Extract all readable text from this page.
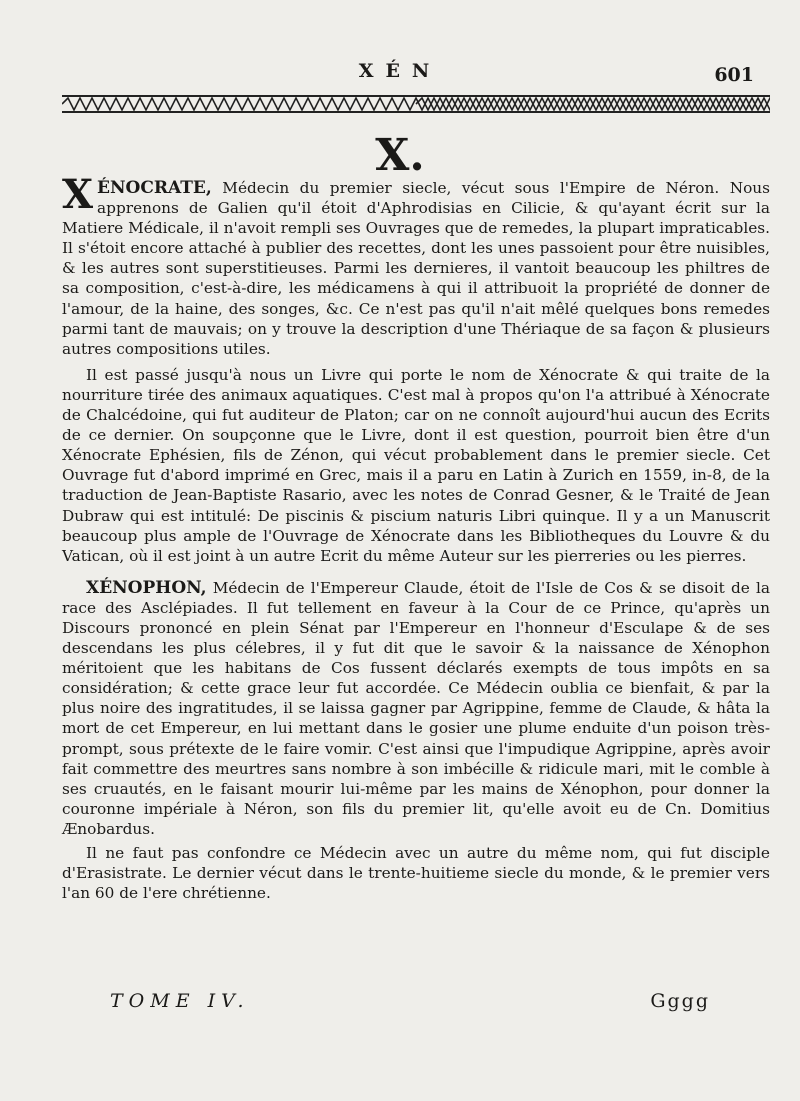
XÉN	601
X.

XÉNOCRATE, Médecin du premier siecle, vécut sous l'Empire de Néron. Nous apprenons de Galien qu'il étoit d'Aphrodisias en Cilicie, & qu'ayant écrit sur la Matiere Médicale, il n'avoit rempli ses Ouvrages que de remedes, la plupart impraticables. Il s'étoit encore attaché à publier des recettes, dont les unes passoient pour être nuisibles, & les autres sont superstitieuses. Parmi les dernieres, il vantoit beaucoup les philtres de sa composition, c'est-à-dire, les médicamens à qui il attribuoit la propriété de donner de l'amour, de la haine, des songes, &c. Ce n'est pas qu'il n'ait mêlé quelques bons remedes parmi tant de mauvais; on y trouve la description d'une Thériaque de sa façon & plusieurs autres compositions utiles.

Il est passé jusqu'à nous un Livre qui porte le nom de Xénocrate & qui traite de la nourriture tirée des animaux aquatiques. C'est mal à propos qu'on l'a attribué à Xénocrate de Chalcédoine, qui fut auditeur de Platon; car on ne connoît aujourd'hui aucun des Ecrits de ce dernier. On soupçonne que le Livre, dont il est question, pourroit bien être d'un Xénocrate Ephésien, fils de Zénon, qui vécut probablement dans le premier siecle. Cet Ouvrage fut d'abord imprimé en Grec, mais il a paru en Latin à Zurich en 1559, in-8, de la traduction de Jean-Baptiste Rasario, avec les notes de Conrad Gesner, & le Traité de Jean Dubraw qui est intitulé: De piscinis & piscium naturis Libri quinque. Il y a un Manuscrit beaucoup plus ample de l'Ouvrage de Xénocrate dans les Bibliotheques du Louvre & du Vatican, où il est joint à un autre Ecrit du même Auteur sur les pierreries ou les pierres.

XÉNOPHON, Médecin de l'Empereur Claude, étoit de l'Isle de Cos & se disoit de la race des Asclépiades. Il fut tellement en faveur à la Cour de ce Prince, qu'après un Discours prononcé en plein Sénat par l'Empereur en l'honneur d'Esculape & de ses descendans les plus célebres, il y fut dit que le savoir & la naissance de Xénophon méritoient que les habitans de Cos fussent déclarés exempts de tous impôts en sa considération; & cette grace leur fut accordée. Ce Médecin oublia ce bienfait, & par la plus noire des ingratitudes, il se laissa gagner par Agrippine, femme de Claude, & hâta la mort de cet Empereur, en lui mettant dans le gosier une plume enduite d'un poison très-prompt, sous prétexte de le faire vomir. C'est ainsi que l'impudique Agrippine, après avoir fait commettre des meurtres sans nombre à son imbécille & ridicule mari, mit le comble à ses cruautés, en le faisant mourir lui-même par les mains de Xénophon, pour donner la couronne impériale à Néron, son fils du premier lit, qu'elle avoit eu de Cn. Domitius Ænobardus.

Il ne faut pas confondre ce Médecin avec un autre du même nom, qui fut disciple d'Erasistrate. Le dernier vécut dans le trente-huitieme siecle du monde, & le premier vers l'an 60 de l'ere chrétienne.

TOME IV.	Gggg
